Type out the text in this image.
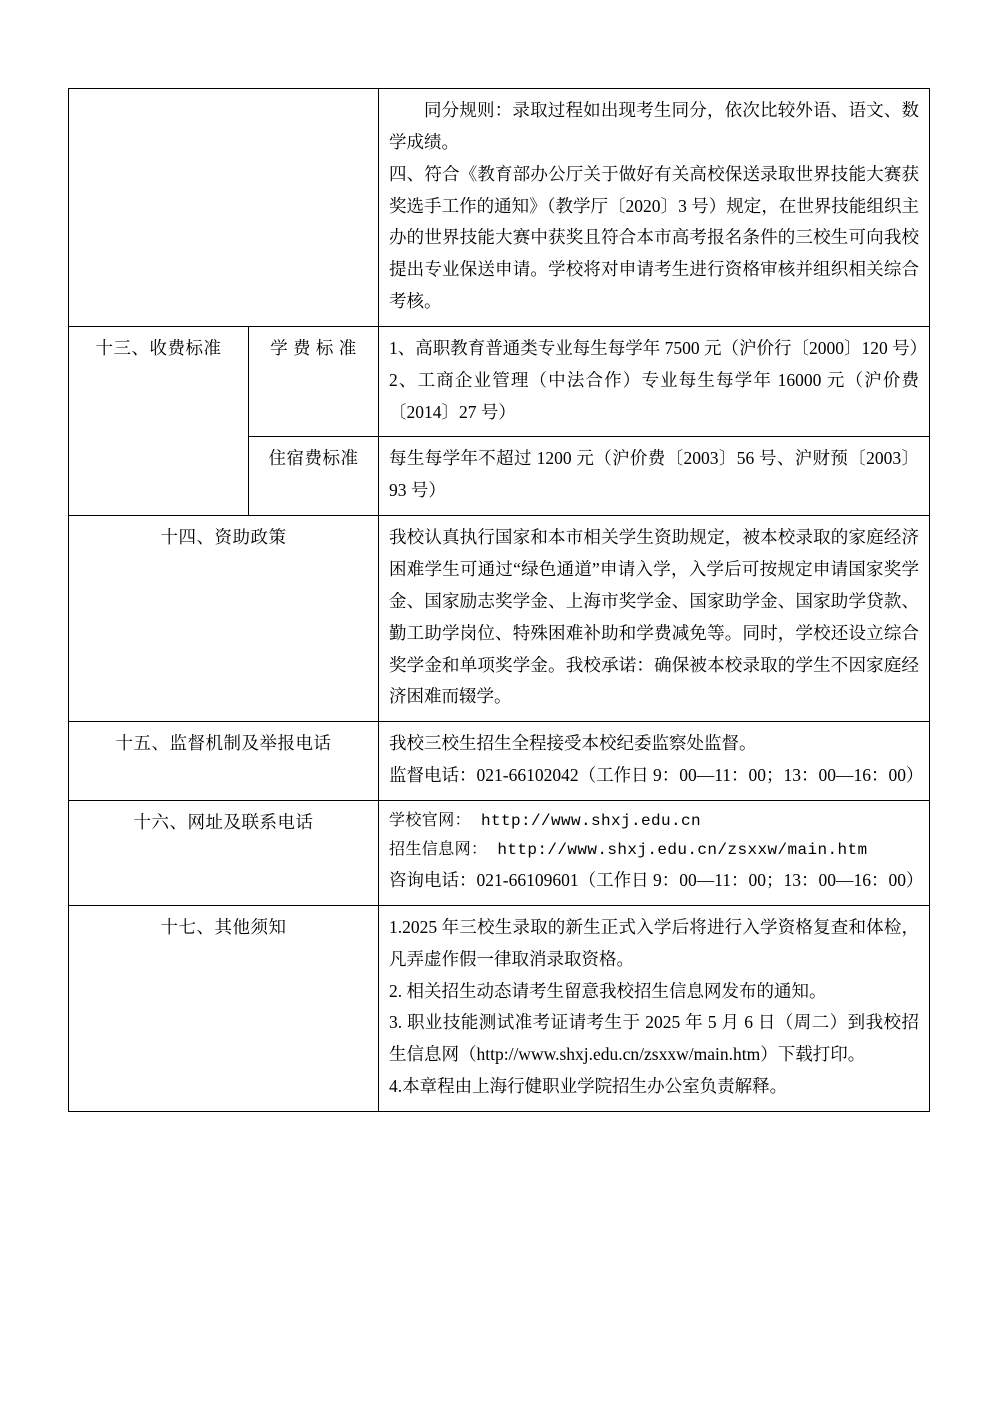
		同分规则：录取过程如出现考生同分，依次比较外语、语文、数学成绩。

四、符合《教育部办公厅关于做好有关高校保送录取世界技能大赛获奖选手工作的通知》（教学厅〔2020〕3 号）规定，在世界技能组织主办的世界技能大赛中获奖且符合本市高考报名条件的三校生可向我校提出专业保送申请。学校将对申请考生进行资格审核并组织相关综合考核。

十三、收费标准	学 费 标 准	1、高职教育普通类专业每生每学年 7500 元（沪价行〔2000〕120 号）

2、工商企业管理（中法合作）专业每生每学年 16000 元（沪价费〔2014〕27 号）

	住宿费标准	每生每学年不超过 1200 元（沪价费〔2003〕56 号、沪财预〔2003〕93 号）

十四、资助政策		我校认真执行国家和本市相关学生资助规定，被本校录取的家庭经济困难学生可通过“绿色通道”申请入学，入学后可按规定申请国家奖学金、国家励志奖学金、上海市奖学金、国家助学金、国家助学贷款、勤工助学岗位、特殊困难补助和学费减免等。同时，学校还设立综合奖学金和单项奖学金。我校承诺：确保被本校录取的学生不因家庭经济困难而辍学。

十五、监督机制及举报电话		我校三校生招生全程接受本校纪委监察处监督。

监督电话：021-66102042（工作日 9：00—11：00；13：00—16：00）

十六、网址及联系电话		学校官网： http://www.shxj.edu.cn

招生信息网： http://www.shxj.edu.cn/zsxxw/main.htm

咨询电话：021-66109601（工作日 9：00—11：00；13：00—16：00）

十七、其他须知		1.2025 年三校生录取的新生正式入学后将进行入学资格复查和体检，凡弄虚作假一律取消录取资格。

2. 相关招生动态请考生留意我校招生信息网发布的通知。

3. 职业技能测试准考证请考生于 2025 年 5 月 6 日（周二）到我校招生信息网（http://www.shxj.edu.cn/zsxxw/main.htm）下载打印。

4.本章程由上海行健职业学院招生办公室负责解释。
